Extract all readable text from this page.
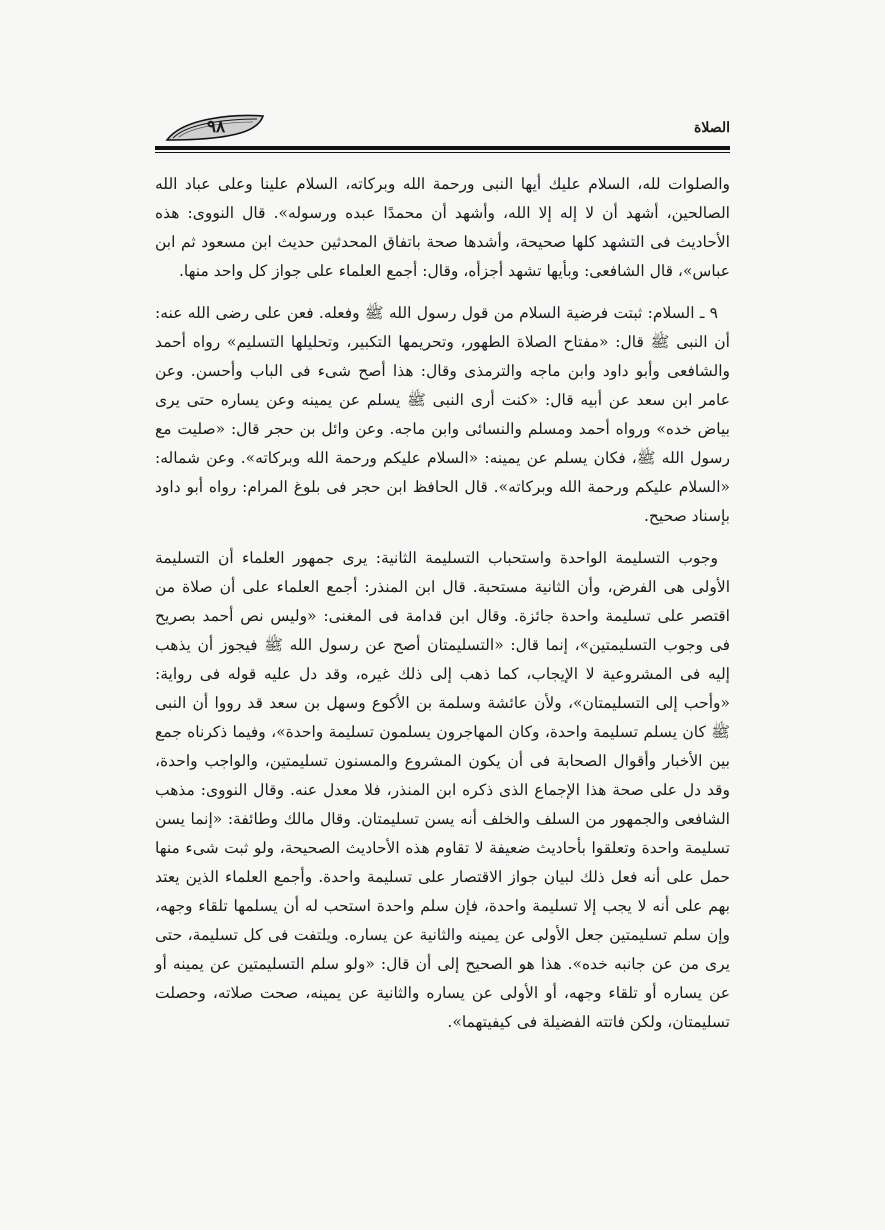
الصلاة
٩٨

والصلوات لله، السلام عليك أيها النبى ورحمة الله وبركاته، السلام علينا وعلى عباد الله الصالحين، أشهد أن لا إله إلا الله، وأشهد أن محمدًا عبده ورسوله». قال النووى: هذه الأحاديث فى التشهد كلها صحيحة، وأشدها صحة باتفاق المحدثين حديث ابن مسعود ثم ابن عباس»، قال الشافعى: وبأيها تشهد أجزأه، وقال: أجمع العلماء على جواز كل واحد منها.

٩ ـ السلام: ثبتت فرضية السلام من قول رسول الله ﷺ وفعله. فعن على رضى الله عنه: أن النبى ﷺ قال: «مفتاح الصلاة الطهور، وتحريمها التكبير، وتحليلها التسليم» رواه أحمد والشافعى وأبو داود وابن ماجه والترمذى وقال: هذا أصح شىء فى الباب وأحسن. وعن عامر ابن سعد عن أبيه قال: «كنت أرى النبى ﷺ يسلم عن يمينه وعن يساره حتى يرى بياض خده» ورواه أحمد ومسلم والنسائى وابن ماجه. وعن وائل بن حجر قال: «صليت مع رسول الله ﷺ، فكان يسلم عن يمينه: «السلام عليكم ورحمة الله وبركاته». وعن شماله: «السلام عليكم ورحمة الله وبركاته». قال الحافظ ابن حجر فى بلوغ المرام: رواه أبو داود بإسناد صحيح.

وجوب التسليمة الواحدة واستحباب التسليمة الثانية: يرى جمهور العلماء أن التسليمة الأولى هى الفرض، وأن الثانية مستحبة. قال ابن المنذر: أجمع العلماء على أن صلاة من اقتصر على تسليمة واحدة جائزة. وقال ابن قدامة فى المغنى: «وليس نص أحمد بصريح فى وجوب التسليمتين»، إنما قال: «التسليمتان أصح عن رسول الله ﷺ فيجوز أن يذهب إليه فى المشروعية لا الإيجاب، كما ذهب إلى ذلك غيره، وقد دل عليه قوله فى رواية: «وأحب إلى التسليمتان»، ولأن عائشة وسلمة بن الأكوع وسهل بن سعد قد رووا أن النبى ﷺ كان يسلم تسليمة واحدة، وكان المهاجرون يسلمون تسليمة واحدة»، وفيما ذكرناه جمع بين الأخبار وأقوال الصحابة فى أن يكون المشروع والمسنون تسليمتين، والواجب واحدة، وقد دل على صحة هذا الإجماع الذى ذكره ابن المنذر، فلا معدل عنه. وقال النووى: مذهب الشافعى والجمهور من السلف والخلف أنه يسن تسليمتان. وقال مالك وطائفة: «إنما يسن تسليمة واحدة وتعلقوا بأحاديث ضعيفة لا تقاوم هذه الأحاديث الصحيحة، ولو ثبت شىء منها حمل على أنه فعل ذلك لبيان جواز الاقتصار على تسليمة واحدة. وأجمع العلماء الذين يعتد بهم على أنه لا يجب إلا تسليمة واحدة، فإن سلم واحدة استحب له أن يسلمها تلقاء وجهه، وإن سلم تسليمتين جعل الأولى عن يمينه والثانية عن يساره. ويلتفت فى كل تسليمة، حتى يرى من عن جانبه خده». هذا هو الصحيح إلى أن قال: «ولو سلم التسليمتين عن يمينه أو عن يساره أو تلقاء وجهه، أو الأولى عن يساره والثانية عن يمينه، صحت صلاته، وحصلت تسليمتان، ولكن فاتته الفضيلة فى كيفيتهما».
